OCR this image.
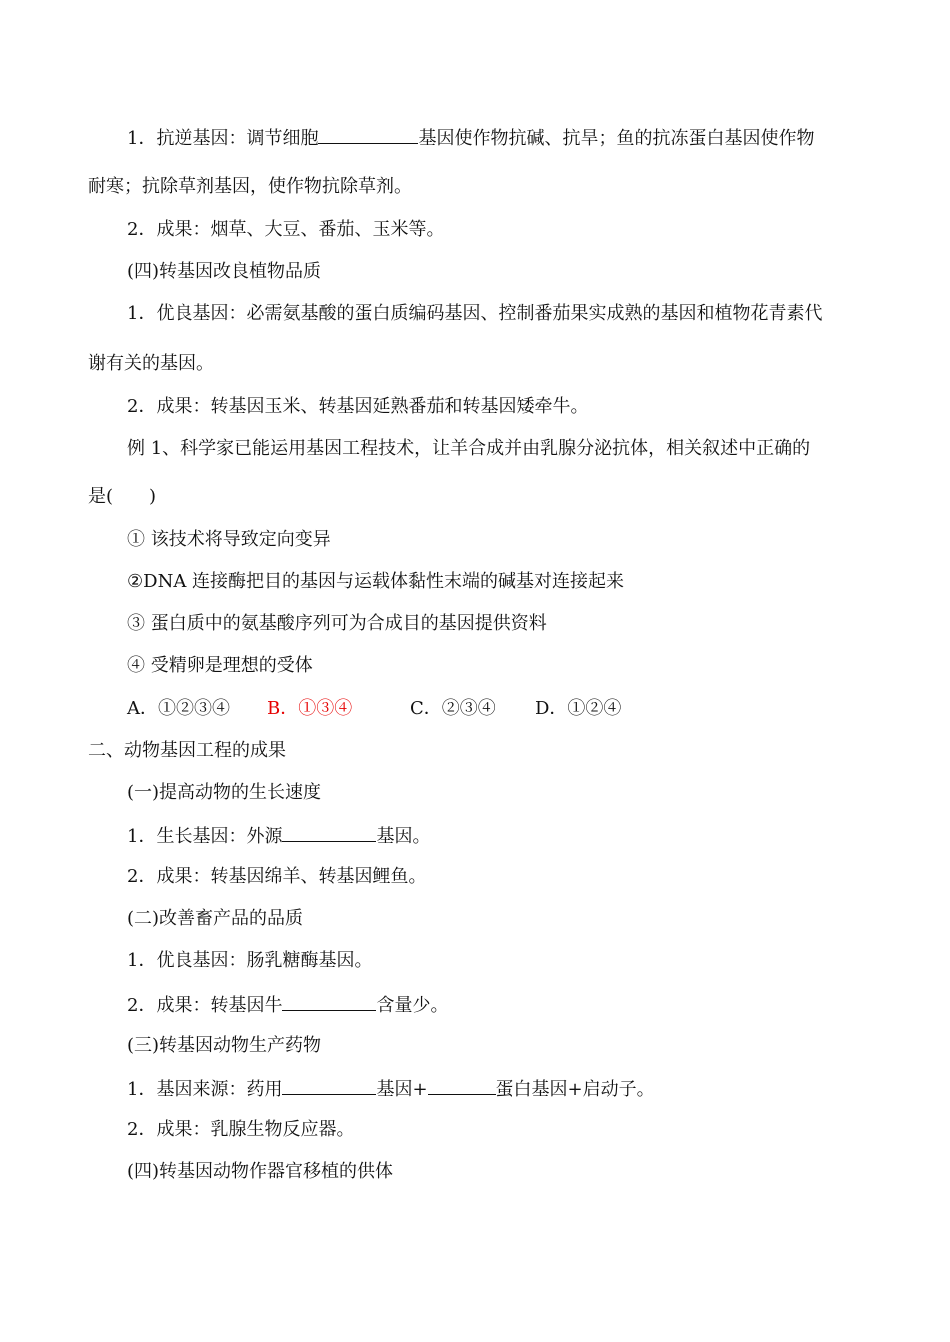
1．抗逆基因：调节细胞	基因使作物抗碱、抗旱；鱼的抗冻蛋白基因使作物
耐寒；抗除草剂基因，使作物抗除草剂。
2．成果：烟草、大豆、番茄、玉米等。
(四)转基因改良植物品质
1．优良基因：必需氨基酸的蛋白质编码基因、控制番茄果实成熟的基因和植物花青素代
谢有关的基因。
2．成果：转基因玉米、转基因延熟番茄和转基因矮牵牛。
例 1、科学家已能运用基因工程技术，让羊合成并由乳腺分泌抗体，相关叙述中正确的
是(　　)
① 该技术将导致定向变异
②DNA 连接酶把目的基因与运载体黏性末端的碱基对连接起来
③ 蛋白质中的氨基酸序列可为合成目的基因提供资料
④ 受精卵是理想的受体
A．①②③④ B．①③④	C．②③④ D．①②④
二、动物基因工程的成果
(一)提高动物的生长速度
1．生长基因：外源	基因。
2．成果：转基因绵羊、转基因鲤鱼。
(二)改善畜产品的品质
1．优良基因：肠乳糖酶基因。
2．成果：转基因牛	含量少。
(三)转基因动物生产药物
1．基因来源：药用	基因+	蛋白基因+启动子。
2．成果：乳腺生物反应器。
(四)转基因动物作器官移植的供体
